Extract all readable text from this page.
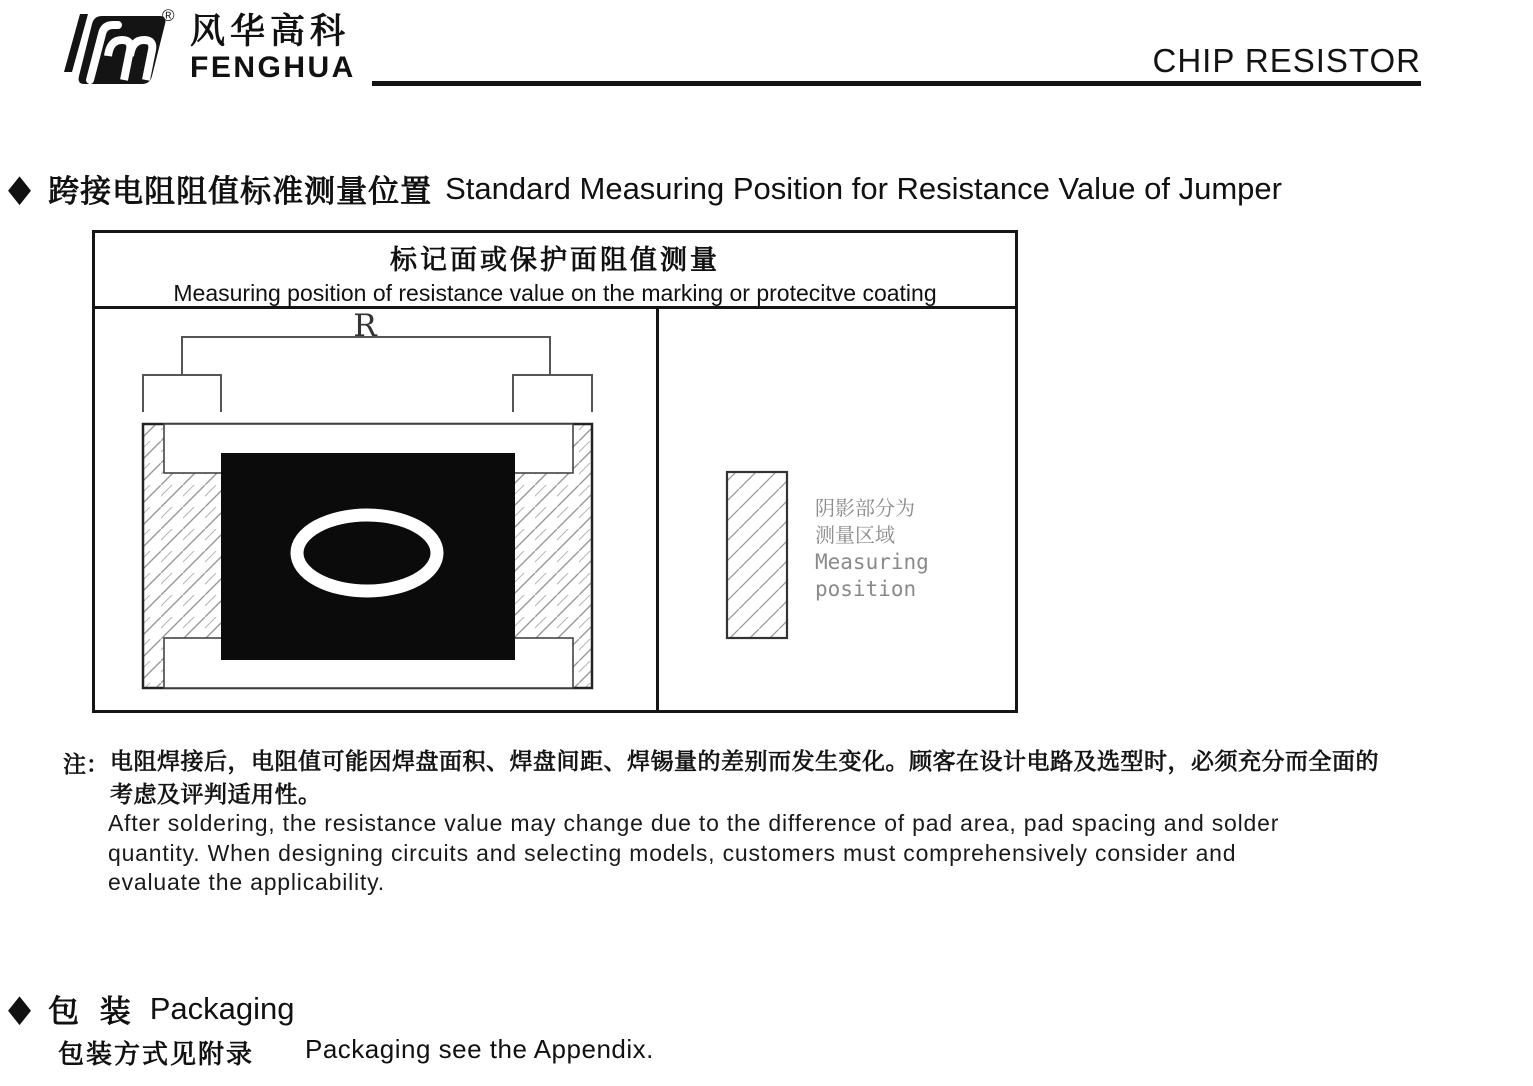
® 风华高科
FENGHUA	CHIP RESISTOR
◆ 跨接电阻阻值标准测量位置 Standard Measuring Position for Resistance Value of Jumper
标记面或保护面阻值测量
Measuring position of resistance value on the marking or protecitve coating
R
阴影部分为
测量区域
Measuring
position
注： 电阻焊接后，电阻值可能因焊盘面积、焊盘间距、焊锡量的差别而发生变化。顾客在设计电路及选型时，必须充分而全面的
考虑及评判适用性。
After soldering, the resistance value may change due to the difference of pad area, pad spacing and solder
quantity. When designing circuits and selecting models, customers must comprehensively consider and
evaluate the applicability.
◆ 包 装 Packaging
包装方式见附录 Packaging see the Appendix.
